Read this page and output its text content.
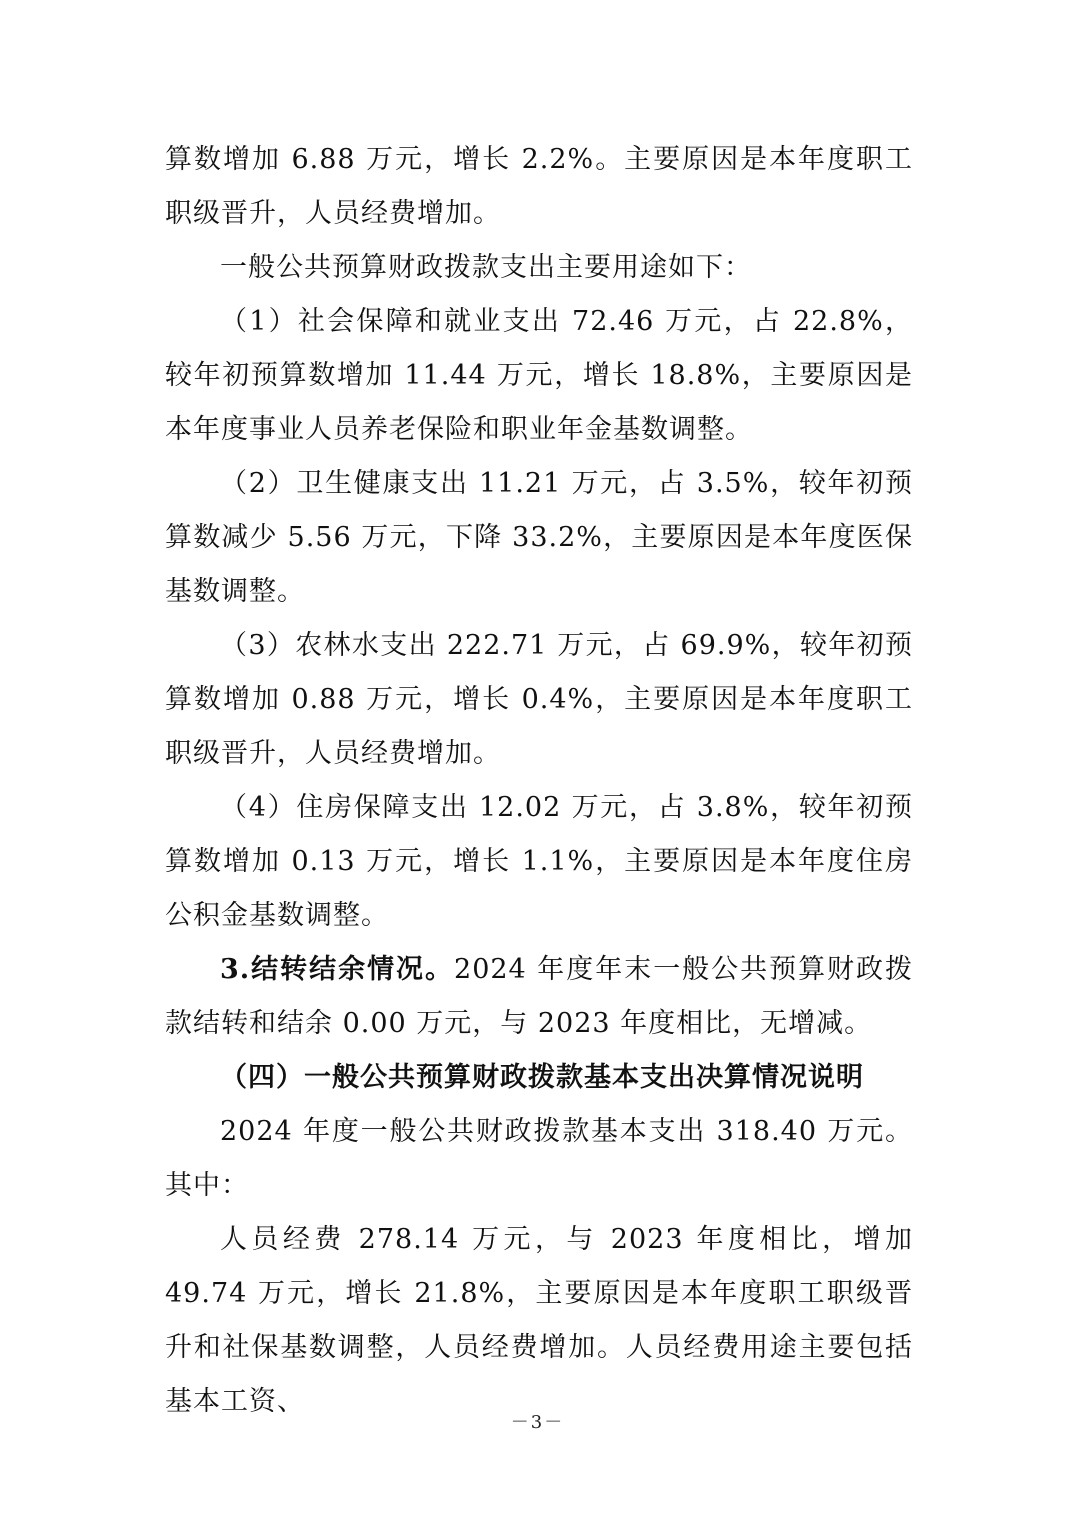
算数增加 6.88 万元，增长 2.2%。主要原因是本年度职工职级晋升，人员经费增加。

一般公共预算财政拨款支出主要用途如下：

（1）社会保障和就业支出 72.46 万元，占 22.8%，较年初预算数增加 11.44 万元，增长 18.8%，主要原因是本年度事业人员养老保险和职业年金基数调整。

（2）卫生健康支出 11.21 万元，占 3.5%，较年初预算数减少 5.56 万元，下降 33.2%，主要原因是本年度医保基数调整。

（3）农林水支出 222.71 万元，占 69.9%，较年初预算数增加 0.88 万元，增长 0.4%，主要原因是本年度职工职级晋升，人员经费增加。

（4）住房保障支出 12.02 万元，占 3.8%，较年初预算数增加 0.13 万元，增长 1.1%，主要原因是本年度住房公积金基数调整。

3.结转结余情况。2024 年度年末一般公共预算财政拨款结转和结余 0.00 万元，与 2023 年度相比，无增减。

（四）一般公共预算财政拨款基本支出决算情况说明

2024 年度一般公共财政拨款基本支出 318.40 万元。其中：

人员经费 278.14 万元，与 2023 年度相比，增加 49.74 万元，增长 21.8%，主要原因是本年度职工职级晋升和社保基数调整，人员经费增加。人员经费用途主要包括基本工资、

－3－
